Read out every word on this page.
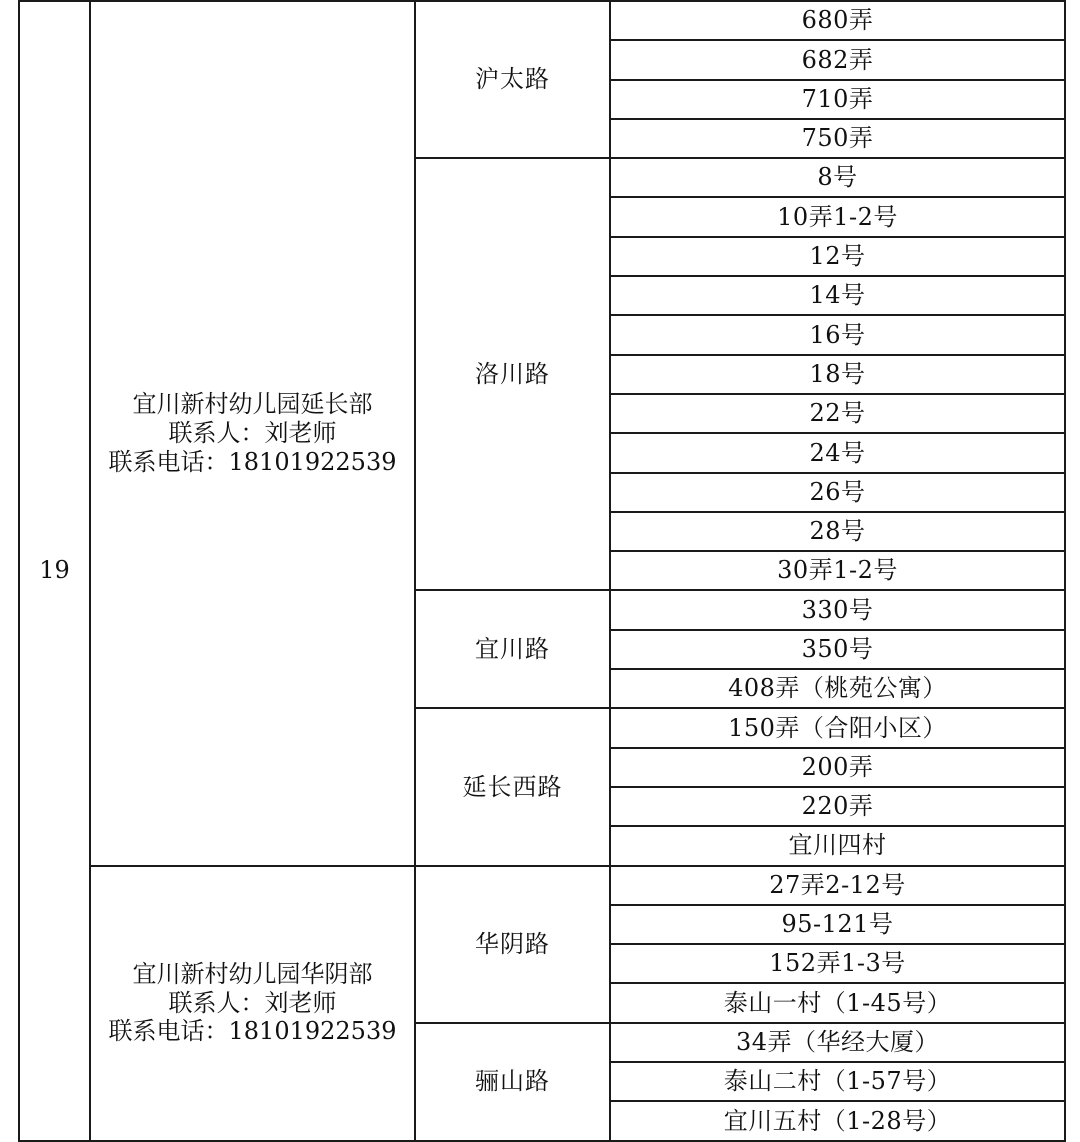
19	宜川新村幼儿园延长部
联系人：刘老师
联系电话：18101922539	沪太路	680弄
			682弄
			710弄
			750弄
		洛川路	8号
			10弄1-2号
			12号
			14号
			16号
			18号
			22号
			24号
			26号
			28号
			30弄1-2号
		宜川路	330号
			350号
			408弄（桃苑公寓）
		延长西路	150弄（合阳小区）
			200弄
			220弄
			宜川四村

	宜川新村幼儿园华阴部
联系人：刘老师
联系电话：18101922539	华阴路	27弄2-12号
			95-121号
			152弄1-3号
			泰山一村（1-45号）
		骊山路	34弄（华经大厦）
			泰山二村（1-57号）
			宜川五村（1-28号）
